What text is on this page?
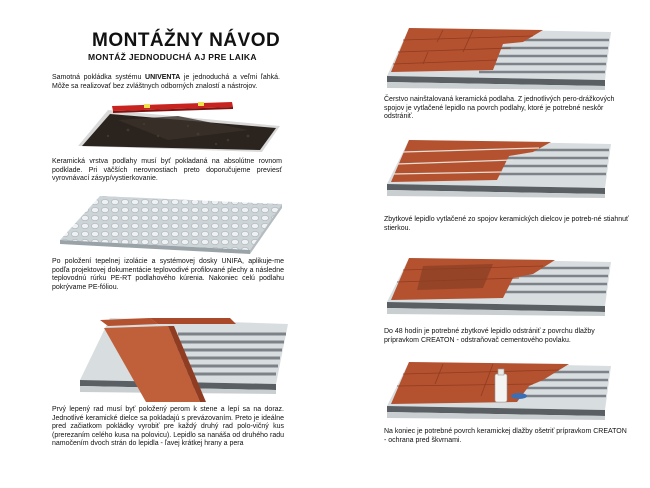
MONTÁŽNY NÁVOD
MONTÁŽ JEDNODUCHÁ AJ PRE LAIKA
Samotná pokládka systému UNIVENTA je jednoduchá a veľmi ľahká. Môže sa realizovať bez zvláštnych odborných znalostí a nástrojov.
Keramická vrstva podlahy musí byť pokladaná na absolútne rovnom podklade. Pri väčších nerovnostiach preto doporučujeme previesť vyrovnávací zásyp/vystierkovanie.
Po položení tepelnej izolácie a systémovej dosky UNIFA, aplikuje-me podľa projektovej dokumentácie teplovodivé profilované plechy a následne teplovodnú rúrku PE-RT podlahového kúrenia. Nakoniec celú podlahu pokrývame PE-fóliou.
Prvý lepený rad musí byť položený perom k stene a lepí sa na doraz. Jednotlivé keramické dielce sa pokladajú s prevázovaním. Preto je ideálne pred začiatkom pokládky vyrobiť pre každý druhý rad polo-vičný kus (prerezaním celého kusa na polovicu). Lepidlo sa nanáša od druhého radu namočením dvoch strán do lepidla - ľavej krátkej hrany a pera
Čerstvo nainštalovaná keramická podlaha. Z jednotlivých pero-drážkových spojov je vytlačené lepidlo na povrch podlahy, ktoré je potrebné neskôr odstrániť.
Zbytkové lepidlo vytlačené zo spojov keramických dielcov je potreb-né stiahnuť stierkou.
Do 48 hodín je potrebné zbytkové lepidlo odstrániť z povrchu dlažby prípravkom CREATON - odstraňovač cementového povlaku.
Na koniec je potrebné povrch keramickej dlažby ošetriť prípravkom CREATON - ochrana pred škvrnami.
